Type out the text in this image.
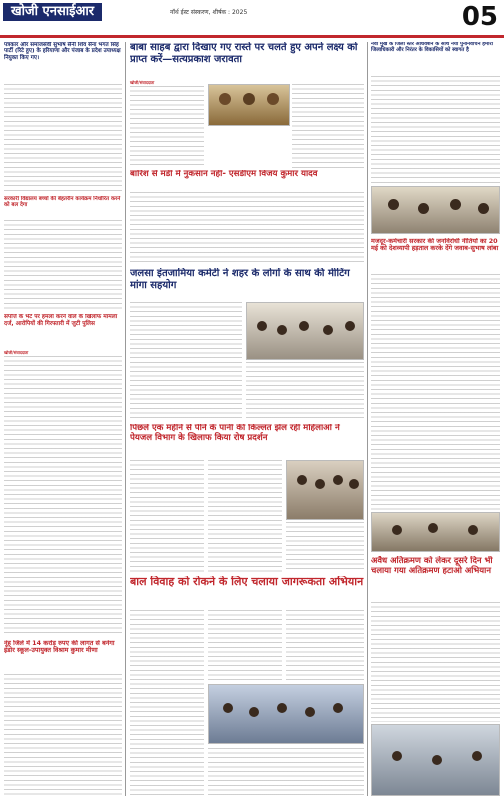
खोजी एनसाईआर	नॉर्थ ईस्ट संस्करण, शीर्षक : 2025	05
पत्रकार और समाजसेवी सुभाष सैनी शिव सैना भगत सिंह पार्टी (रिटे हुए) के हरियाणा और पंजाब के प्रदेश उपाध्यक्ष नियुक्त किए गए।
सरकारी विद्यालय बच्चों की बेहतरीन कार्यक्रम निर्धारित करने को बल देगा
संपत्ति के भेटे पर हमला करने वाले के खिलाफ मामला दर्ज, आरोपियों की गिरफ्तारी में जुटी पुलिस
खोजी/संवाददाता
नूंह जिले में 14 करोड़ रुपए की लागत से बनेगा इंडोर स्कूल-उपायुक्त विश्राम कुमार मीणा
बाबा साहब द्वारा दिखाए गए रास्ते पर चलते हुए अपने लक्ष्य को प्राप्त करें—सत्यप्रकाश जरावता
खोजी/संवाददाता
बारिश से मंडी में नुकसान नहीं- एसडीएम विजय कुमार यादव
जलसा इंतजामिया कमेटी ने शहर के लोगों के साथ की मीटिंग मांगा सहयोग
पिछले एक महीने से पीने के पानी की किल्लत झेल रही महिलाओं ने पेयजल विभाग के खिलाफ किया रोष प्रदर्शन
बाल विवाह को रोकने के लिए चलाया जागरूकता अभियान
नवा मुख के जिला स्तर अधिवेशन के साथ नया पुनर्निर्वाचन हमारा जिलाधिकारी और निरंतर के विकासियों को स्वागत है
मजदूर-कर्मचारी सरकार की जनविरोधी नीतियों का 20 मई को देशव्यापी हड़ताल करके देंगे जवाब-सुभाष लांबा
अवैध अतिक्रमण को लेकर दूसरे दिन भी चलाया गया अतिक्रमण हटाओ अभियान
